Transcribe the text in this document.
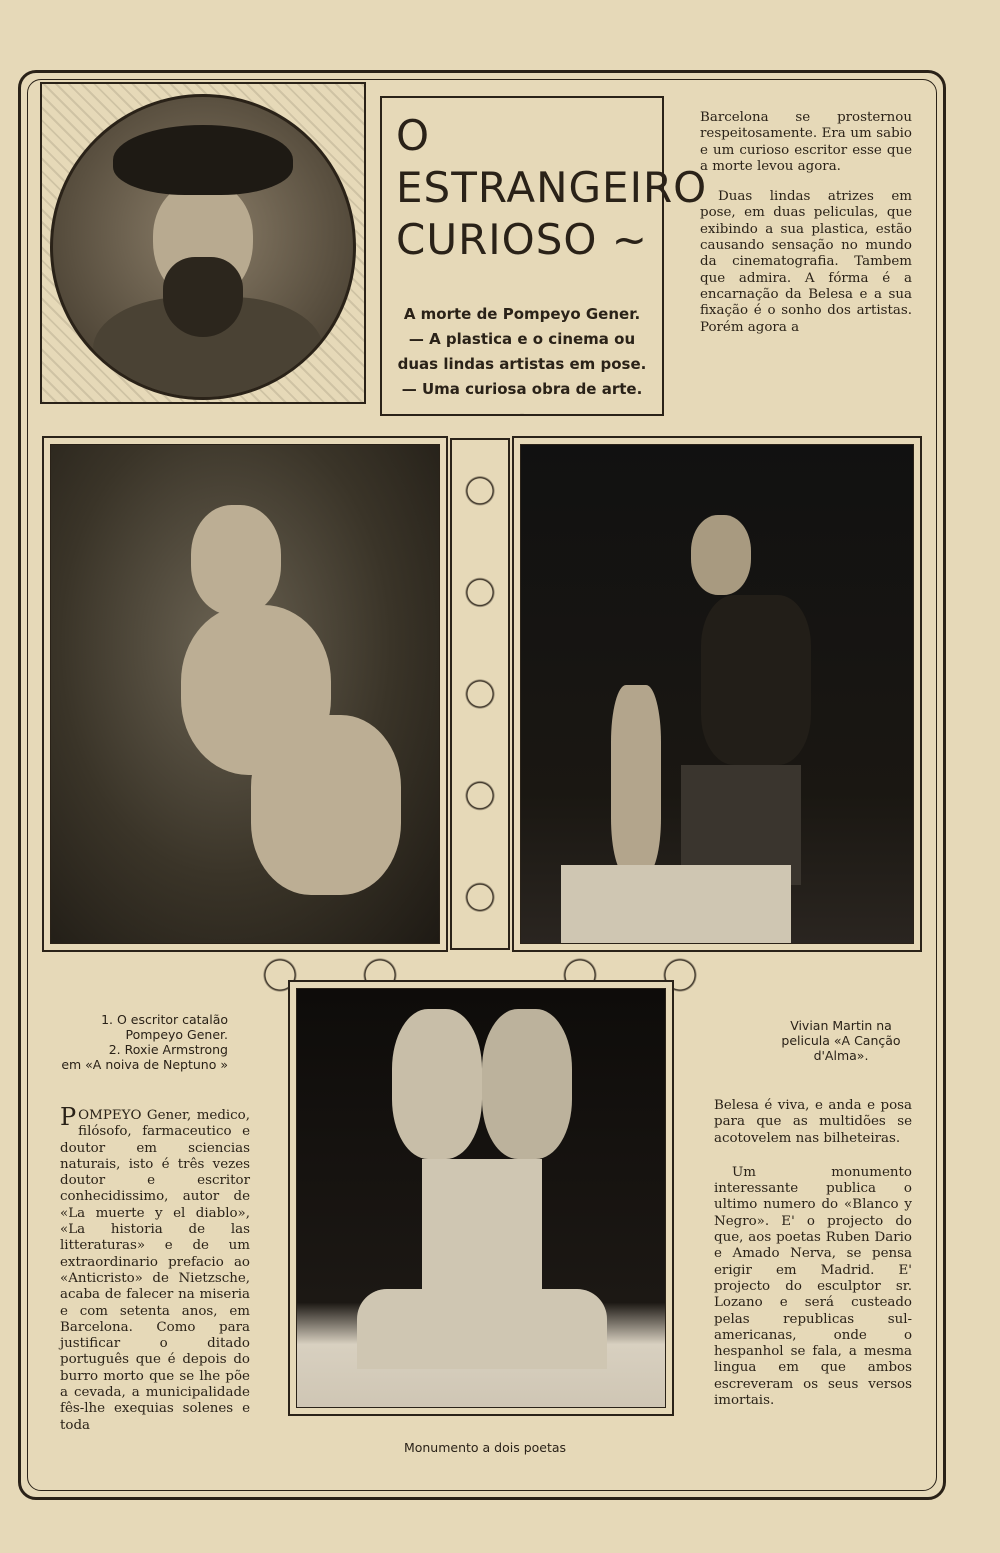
O ESTRANGEIRO
CURIOSO ~
A morte de Pompeyo Gener. — A plastica e o cinema ou duas lindas artistas em pose. — Uma curiosa obra de arte.
-

Barcelona se prosternou respeitosamente. Era um sabio e um curioso escritor esse que a morte levou agora.

Duas lindas atrizes em pose, em duas peliculas, que exibindo a sua plastica, estão causando sensação no mundo da cinematografia. Tambem que admira. A fórma é a encarnação da Belesa e a sua fixação é o sonho dos artistas. Porém agora a

1. O escritor catalão
Pompeyo Gener.
2. Roxie Armstrong
em «A noiva de Neptuno »
Vivian Martin na pelicula «A Canção d'Alma».
Monumento a dois poetas
POMPEYO Gener, medico, filósofo, farmaceutico e doutor em sciencias naturais, isto é três vezes doutor e escritor conhecidissimo, autor de «La muerte y el diablo», «La historia de las litteraturas» e de um extraordinario prefacio ao «Anticristo» de Nietzsche, acaba de falecer na miseria e com setenta anos, em Barcelona. Como para justificar o ditado português que é depois do burro morto que se lhe põe a cevada, a municipalidade fês-lhe exequias solenes e toda

Belesa é viva, e anda e posa para que as multidões se acotovelem nas bilheteiras.

Um monumento interessante publica o ultimo numero do «Blanco y Negro». E' o projecto do que, aos poetas Ruben Dario e Amado Nerva, se pensa erigir em Madrid. E' projecto do esculptor sr. Lozano e será custeado pelas republicas sul-americanas, onde o hespanhol se fala, a mesma lingua em que ambos escreveram os seus versos imortais.
